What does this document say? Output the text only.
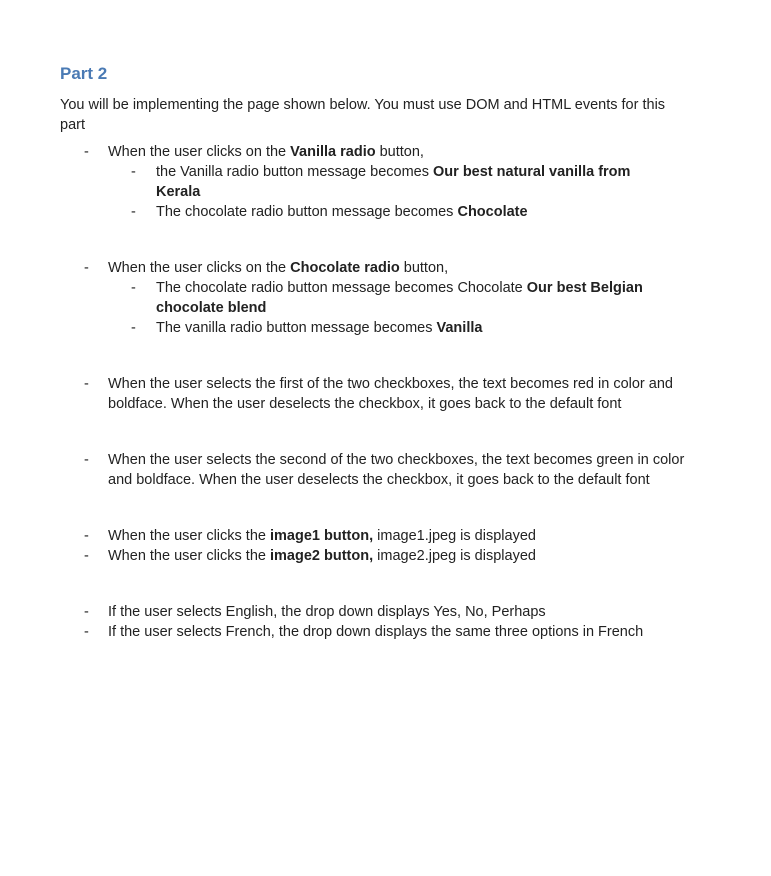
Part 2
You will be implementing the page shown below. You must use DOM and HTML events for this part
- When the user clicks on the Vanilla radio button,
- the Vanilla radio button message becomes Our best natural vanilla from Kerala
- The chocolate radio button message becomes Chocolate
- When the user clicks on the Chocolate radio button,
- The chocolate radio button message becomes Chocolate Our best Belgian chocolate blend
- The vanilla radio button message becomes Vanilla
- When the user selects the first of the two checkboxes, the text becomes red in color and boldface. When the user deselects the checkbox, it goes back to the default font
- When the user selects the second of the two checkboxes, the text becomes green in color and boldface. When the user deselects the checkbox, it goes back to the default font
- When the user clicks the image1 button, image1.jpeg is displayed
- When the user clicks the image2 button, image2.jpeg is displayed
- If the user selects English, the drop down displays Yes, No, Perhaps
- If the user selects French, the drop down displays the same three options in French
